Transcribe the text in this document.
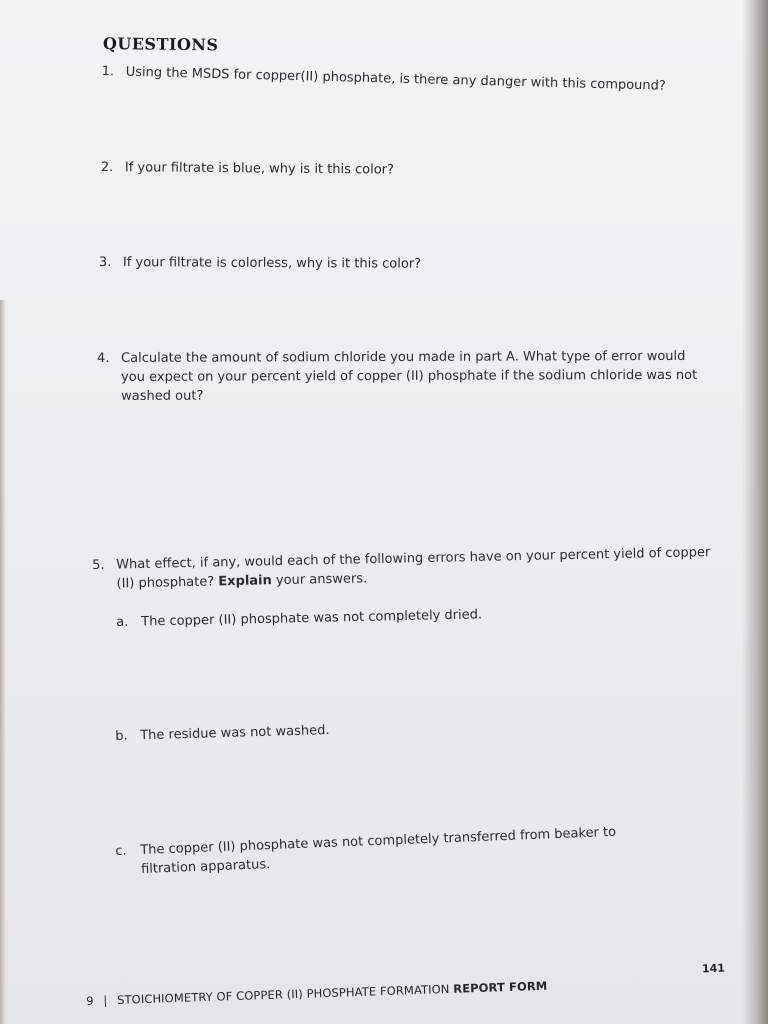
QUESTIONS
1. Using the MSDS for copper(II) phosphate, is there any danger with this compound?
2. If your filtrate is blue, why is it this color?
3. If your filtrate is colorless, why is it this color?
4. Calculate the amount of sodium chloride you made in part A. What type of error would
you expect on your percent yield of copper (II) phosphate if the sodium chloride was not
washed out?
5. What effect, if any, would each of the following errors have on your percent yield of copper
(II) phosphate? Explain your answers.
a. The copper (II) phosphate was not completely dried.
b. The residue was not washed.
c. The copper (II) phosphate was not completely transferred from beaker to
filtration apparatus.
141
9 | STOICHIOMETRY OF COPPER (II) PHOSPHATE FORMATION REPORT FORM
